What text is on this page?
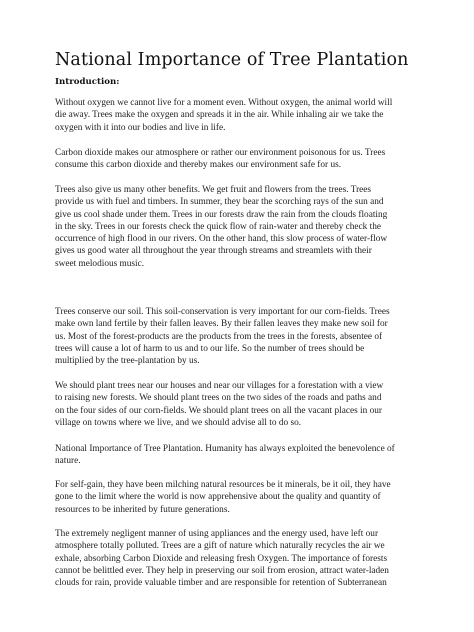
National Importance of Tree Plantation
Introduction:

Without oxygen we cannot live for a moment even. Without oxygen, the animal world will
die away. Trees make the oxygen and spreads it in the air. While inhaling air we take the
oxygen with it into our bodies and live in life.

Carbon dioxide makes our atmosphere or rather our environment poisonous for us. Trees
consume this carbon dioxide and thereby makes our environment safe for us.

Trees also give us many other benefits. We get fruit and flowers from the trees. Trees
provide us with fuel and timbers. In summer, they bear the scorching rays of the sun and
give us cool shade under them. Trees in our forests draw the rain from the clouds floating
in the sky. Trees in our forests check the quick flow of rain-water and thereby check the
occurrence of high flood in our rivers. On the other hand, this slow process of water-flow
gives us good water all throughout the year through streams and streamlets with their
sweet melodious music.

Trees conserve our soil. This soil-conservation is very important for our corn-fields. Trees
make own land fertile by their fallen leaves. By their fallen leaves they make new soil for
us. Most of the forest-products are the products from the trees in the forests, absentee of
trees will cause a lot of harm to us and to our life. So the number of trees should be
multiplied by the tree-plantation by us.

We should plant trees near our houses and near our villages for a forestation with a view
to raising new forests. We should plant trees on the two sides of the roads and paths and
on the four sides of our corn-fields. We should plant trees on all the vacant places in our
village on towns where we live, and we should advise all to do so.

National Importance of Tree Plantation. Humanity has always exploited the benevolence of
nature.

For self-gain, they have been milching natural resources be it minerals, be it oil, they have
gone to the limit where the world is now apprehensive about the quality and quantity of
resources to be inherited by future generations.

The extremely negligent manner of using appliances and the energy used, have left our
atmosphere totally polluted. Trees are a gift of nature which naturally recycles the air we
exhale, absorbing Carbon Dioxide and releasing fresh Oxygen. The importance of forests
cannot be belittled ever. They help in preserving our soil from erosion, attract water-laden
clouds for rain, provide valuable timber and are responsible for retention of Subterranean
